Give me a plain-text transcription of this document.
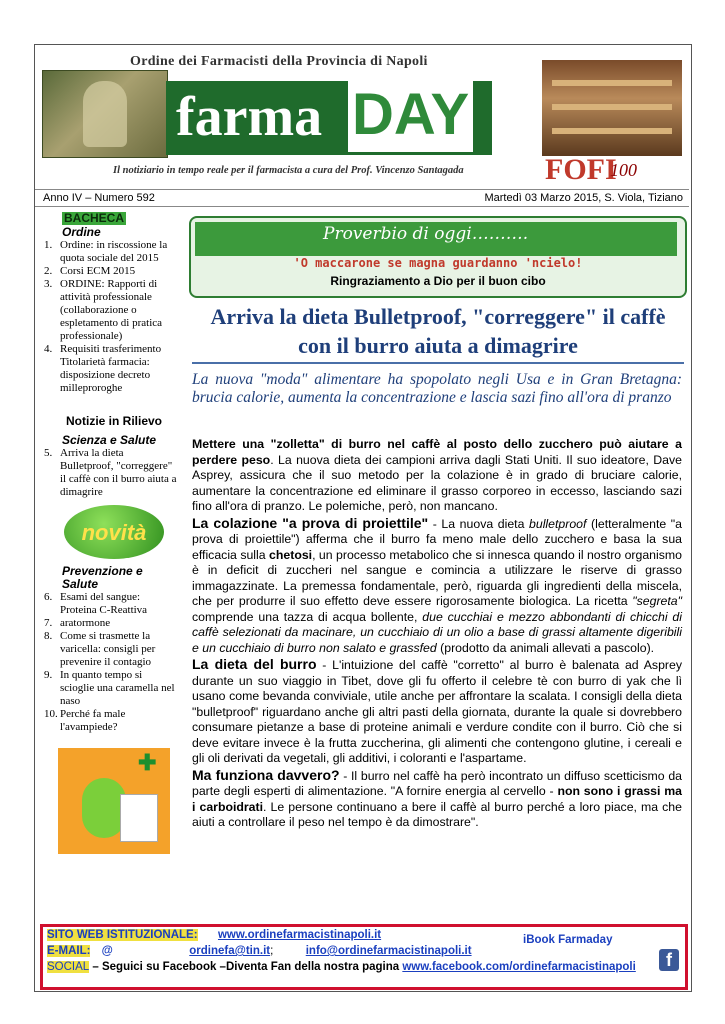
Ordine dei Farmacisti della Provincia di Napoli
farma DAY
FOFI
100
Il notiziario in tempo reale per il farmacista a cura del Prof. Vincenzo Santagada
Anno IV – Numero 592	Martedì 03 Marzo 2015, S. Viola, Tiziano
BACHECA
Ordine
1. Ordine: in riscossione la quota sociale del 2015
2. Corsi ECM 2015
3. ORDINE: Rapporti di attività professionale (collaborazione o espletamento di pratica professionale)
4. Requisiti trasferimento Titolarietà farmacia: disposizione decreto milleproroghe
Notizie in Rilievo
Scienza e Salute
5. Arriva la dieta Bulletproof, "correggere" il caffè con il burro aiuta a dimagrire
novità
Prevenzione e Salute
6. Esami del sangue: Proteina C-Reattiva
7. aratormone
8. Come si trasmette la varicella: consigli per prevenire il contagio
9. In quanto tempo si scioglie una caramella nel naso
10. Perché fa male l'avampiede?
✚
Proverbio di oggi……….
'O maccarone se magna guardanno 'ncielo!
Ringraziamento a Dio per il buon cibo
Arriva la dieta Bulletproof, "correggere" il caffè con il burro aiuta a dimagrire
La nuova "moda" alimentare ha spopolato negli Usa e in Gran Bretagna: brucia calorie, aumenta la concentrazione e lascia sazi fino all'ora di pranzo

Mettere una "zolletta" di burro nel caffè al posto dello zucchero può aiutare a perdere peso. La nuova dieta dei campioni arriva dagli Stati Uniti. Il suo ideatore, Dave Asprey, assicura che il suo metodo per la colazione è in grado di bruciare calorie, aumentare la concentrazione ed eliminare il grasso corporeo in eccesso, lasciando sazi fino all'ora di pranzo. Le polemiche, però, non mancano.

La colazione "a prova di proiettile" - La nuova dieta bulletproof (letteralmente "a prova di proiettile") afferma che il burro fa meno male dello zucchero e basa la sua efficacia sulla chetosi, un processo metabolico che si innesca quando il nostro organismo è in deficit di zuccheri nel sangue e comincia a utilizzare le riserve di grasso immagazzinate. La premessa fondamentale, però, riguarda gli ingredienti della miscela, che per produrre il suo effetto deve essere rigorosamente biologica. La ricetta "segreta" comprende una tazza di acqua bollente, due cucchiai e mezzo abbondanti di chicchi di caffè selezionati da macinare, un cucchiaio di un olio a base di grassi altamente digeribili e un cucchiaio di burro non salato e grassfed (prodotto da animali allevati a pascolo).

La dieta del burro - L'intuizione del caffè "corretto" al burro è balenata ad Asprey durante un suo viaggio in Tibet, dove gli fu offerto il celebre tè con burro di yak che lì usano come bevanda conviviale, utile anche per affrontare la scalata. I consigli della dieta "bulletproof" riguardano anche gli altri pasti della giornata, durante la quale si dovrebbero consumare pietanze a base di proteine animali e verdure condite con il burro. Ciò che si deve evitare invece è la frutta zuccherina, gli alimenti che contengono glutine, i cereali e gli oli derivati da vegetali, gli additivi, i coloranti e l'aspartame.

Ma funziona davvero? - Il burro nel caffè ha però incontrato un diffuso scetticismo da parte degli esperti di alimentazione. "A fornire energia al cervello - non sono i grassi ma i carboidrati. Le persone continuano a bere il caffè al burro perché a loro piace, ma che aiuti a controllare il peso nel tempo è da dimostrare".

SITO WEB ISTITUZIONALE: www.ordinefarmacistinapoli.it	iBook Farmaday
E-MAIL: @	ordinefa@tin.it;	info@ordinefarmacistinapoli.it
SOCIAL – Seguici su Facebook –Diventa Fan della nostra pagina www.facebook.com/ordinefarmacistinapoli	f
